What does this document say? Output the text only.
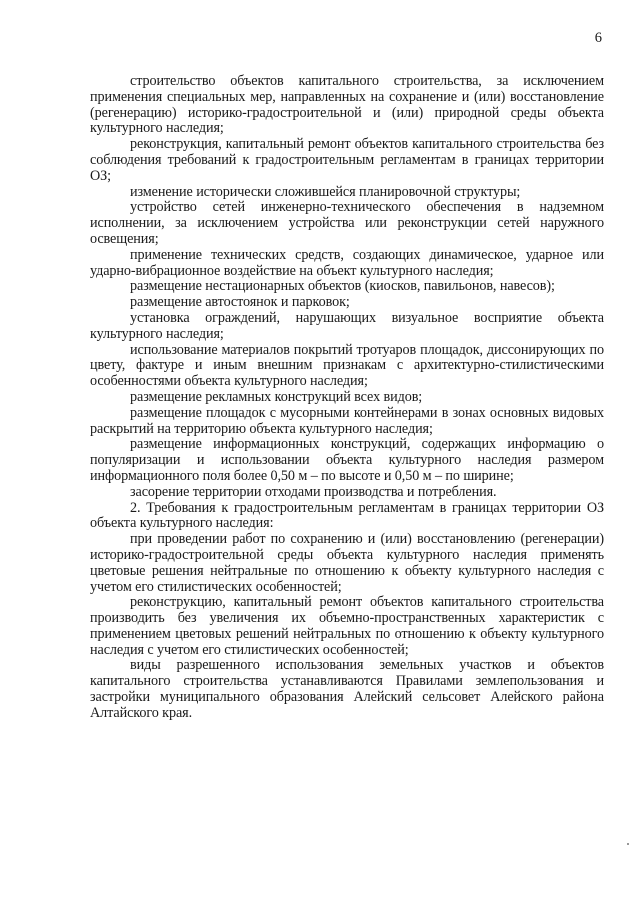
6

строительство объектов капитального строительства, за исключением применения специальных мер, направленных на сохранение и (или) восстановление (регенерацию) историко-градостроительной и (или) природной среды объекта культурного наследия;

реконструкция, капитальный ремонт объектов капитального строительства без соблюдения требований к градостроительным регламентам в границах территории ОЗ;

изменение исторически сложившейся планировочной структуры;

устройство сетей инженерно-технического обеспечения в надземном исполнении, за исключением устройства или реконструкции сетей наружного освещения;

применение технических средств, создающих динамическое, ударное или ударно-вибрационное воздействие на объект культурного наследия;

размещение нестационарных объектов (киосков, павильонов, навесов);

размещение автостоянок и парковок;

установка ограждений, нарушающих визуальное восприятие объекта культурного наследия;

использование материалов покрытий тротуаров площадок, диссонирующих по цвету, фактуре и иным внешним признакам с архитектурно-стилистическими особенностями объекта культурного наследия;

размещение рекламных конструкций всех видов;

размещение площадок с мусорными контейнерами в зонах основных видовых раскрытий на территорию объекта культурного наследия;

размещение информационных конструкций, содержащих информацию о популяризации и использовании объекта культурного наследия размером информационного поля более 0,50 м – по высоте и 0,50 м – по ширине;

засорение территории отходами производства и потребления.

2. Требования к градостроительным регламентам в границах территории ОЗ объекта культурного наследия:

при проведении работ по сохранению и (или) восстановлению (регенерации) историко-градостроительной среды объекта культурного наследия применять цветовые решения нейтральные по отношению к объекту культурного наследия с учетом его стилистических особенностей;

реконструкцию, капитальный ремонт объектов капитального строительства производить без увеличения их объемно-пространственных характеристик с применением цветовых решений нейтральных по отношению к объекту культурного наследия с учетом его стилистических особенностей;

виды разрешенного использования земельных участков и объектов капитального строительства устанавливаются Правилами землепользования и застройки муниципального образования Алейский сельсовет Алейского района Алтайского края.
